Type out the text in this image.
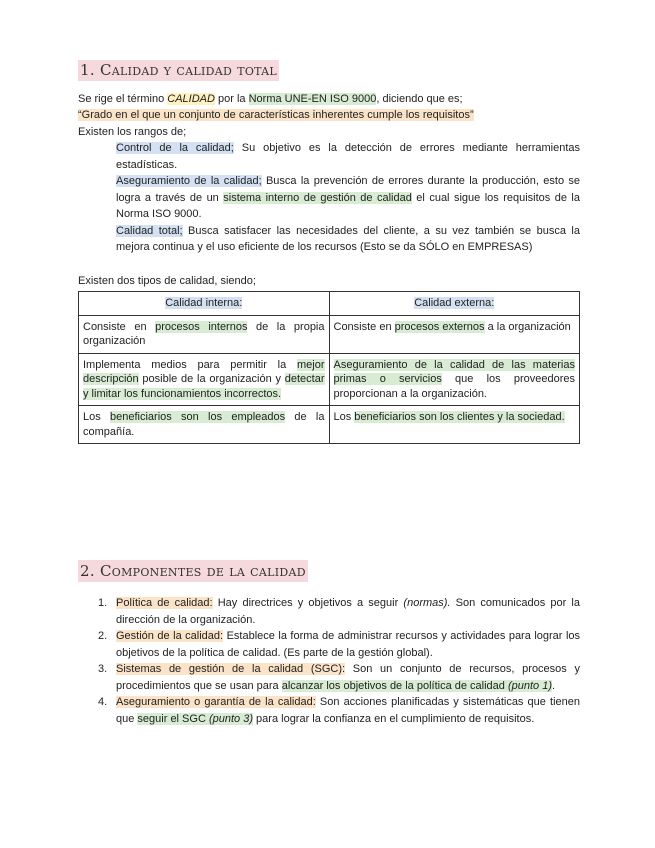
1. Calidad y calidad total

Se rige el término CALIDAD por la Norma UNE-EN ISO 9000, diciendo que es;

“Grado en el que un conjunto de características inherentes cumple los requisitos”

Existen los rangos de;

Control de la calidad; Su objetivo es la detección de errores mediante herramientas estadísticas.

Aseguramiento de la calidad; Busca la prevención de errores durante la producción, esto se logra a través de un sistema interno de gestión de calidad el cual sigue los requisitos de la Norma ISO 9000.

Calidad total; Busca satisfacer las necesidades del cliente, a su vez también se busca la mejora continua y el uso eficiente de los recursos (Esto se da SÓLO en EMPRESAS)

Existen dos tipos de calidad, siendo;

Calidad interna:	Calidad externa:
Consiste en procesos internos de la propia organización	Consiste en procesos externos a la organización
Implementa medios para permitir la mejor descripción posible de la organización y detectar y limitar los funcionamientos incorrectos.	Aseguramiento de la calidad de las materias primas o servicios que los proveedores proporcionan a la organización.
Los beneficiarios son los empleados de la compañía.	Los beneficiarios son los clientes y la sociedad.
2. Componentes de la calidad
1. Política de calidad: Hay directrices y objetivos a seguir (normas). Son comunicados por la dirección de la organización.
2. Gestión de la calidad: Establece la forma de administrar recursos y actividades para lograr los objetivos de la política de calidad. (Es parte de la gestión global).
3. Sistemas de gestión de la calidad (SGC): Son un conjunto de recursos, procesos y procedimientos que se usan para alcanzar los objetivos de la política de calidad (punto 1).
4. Aseguramiento o garantía de la calidad: Son acciones planificadas y sistemáticas que tienen que seguir el SGC (punto 3) para lograr la confianza en el cumplimiento de requisitos.
